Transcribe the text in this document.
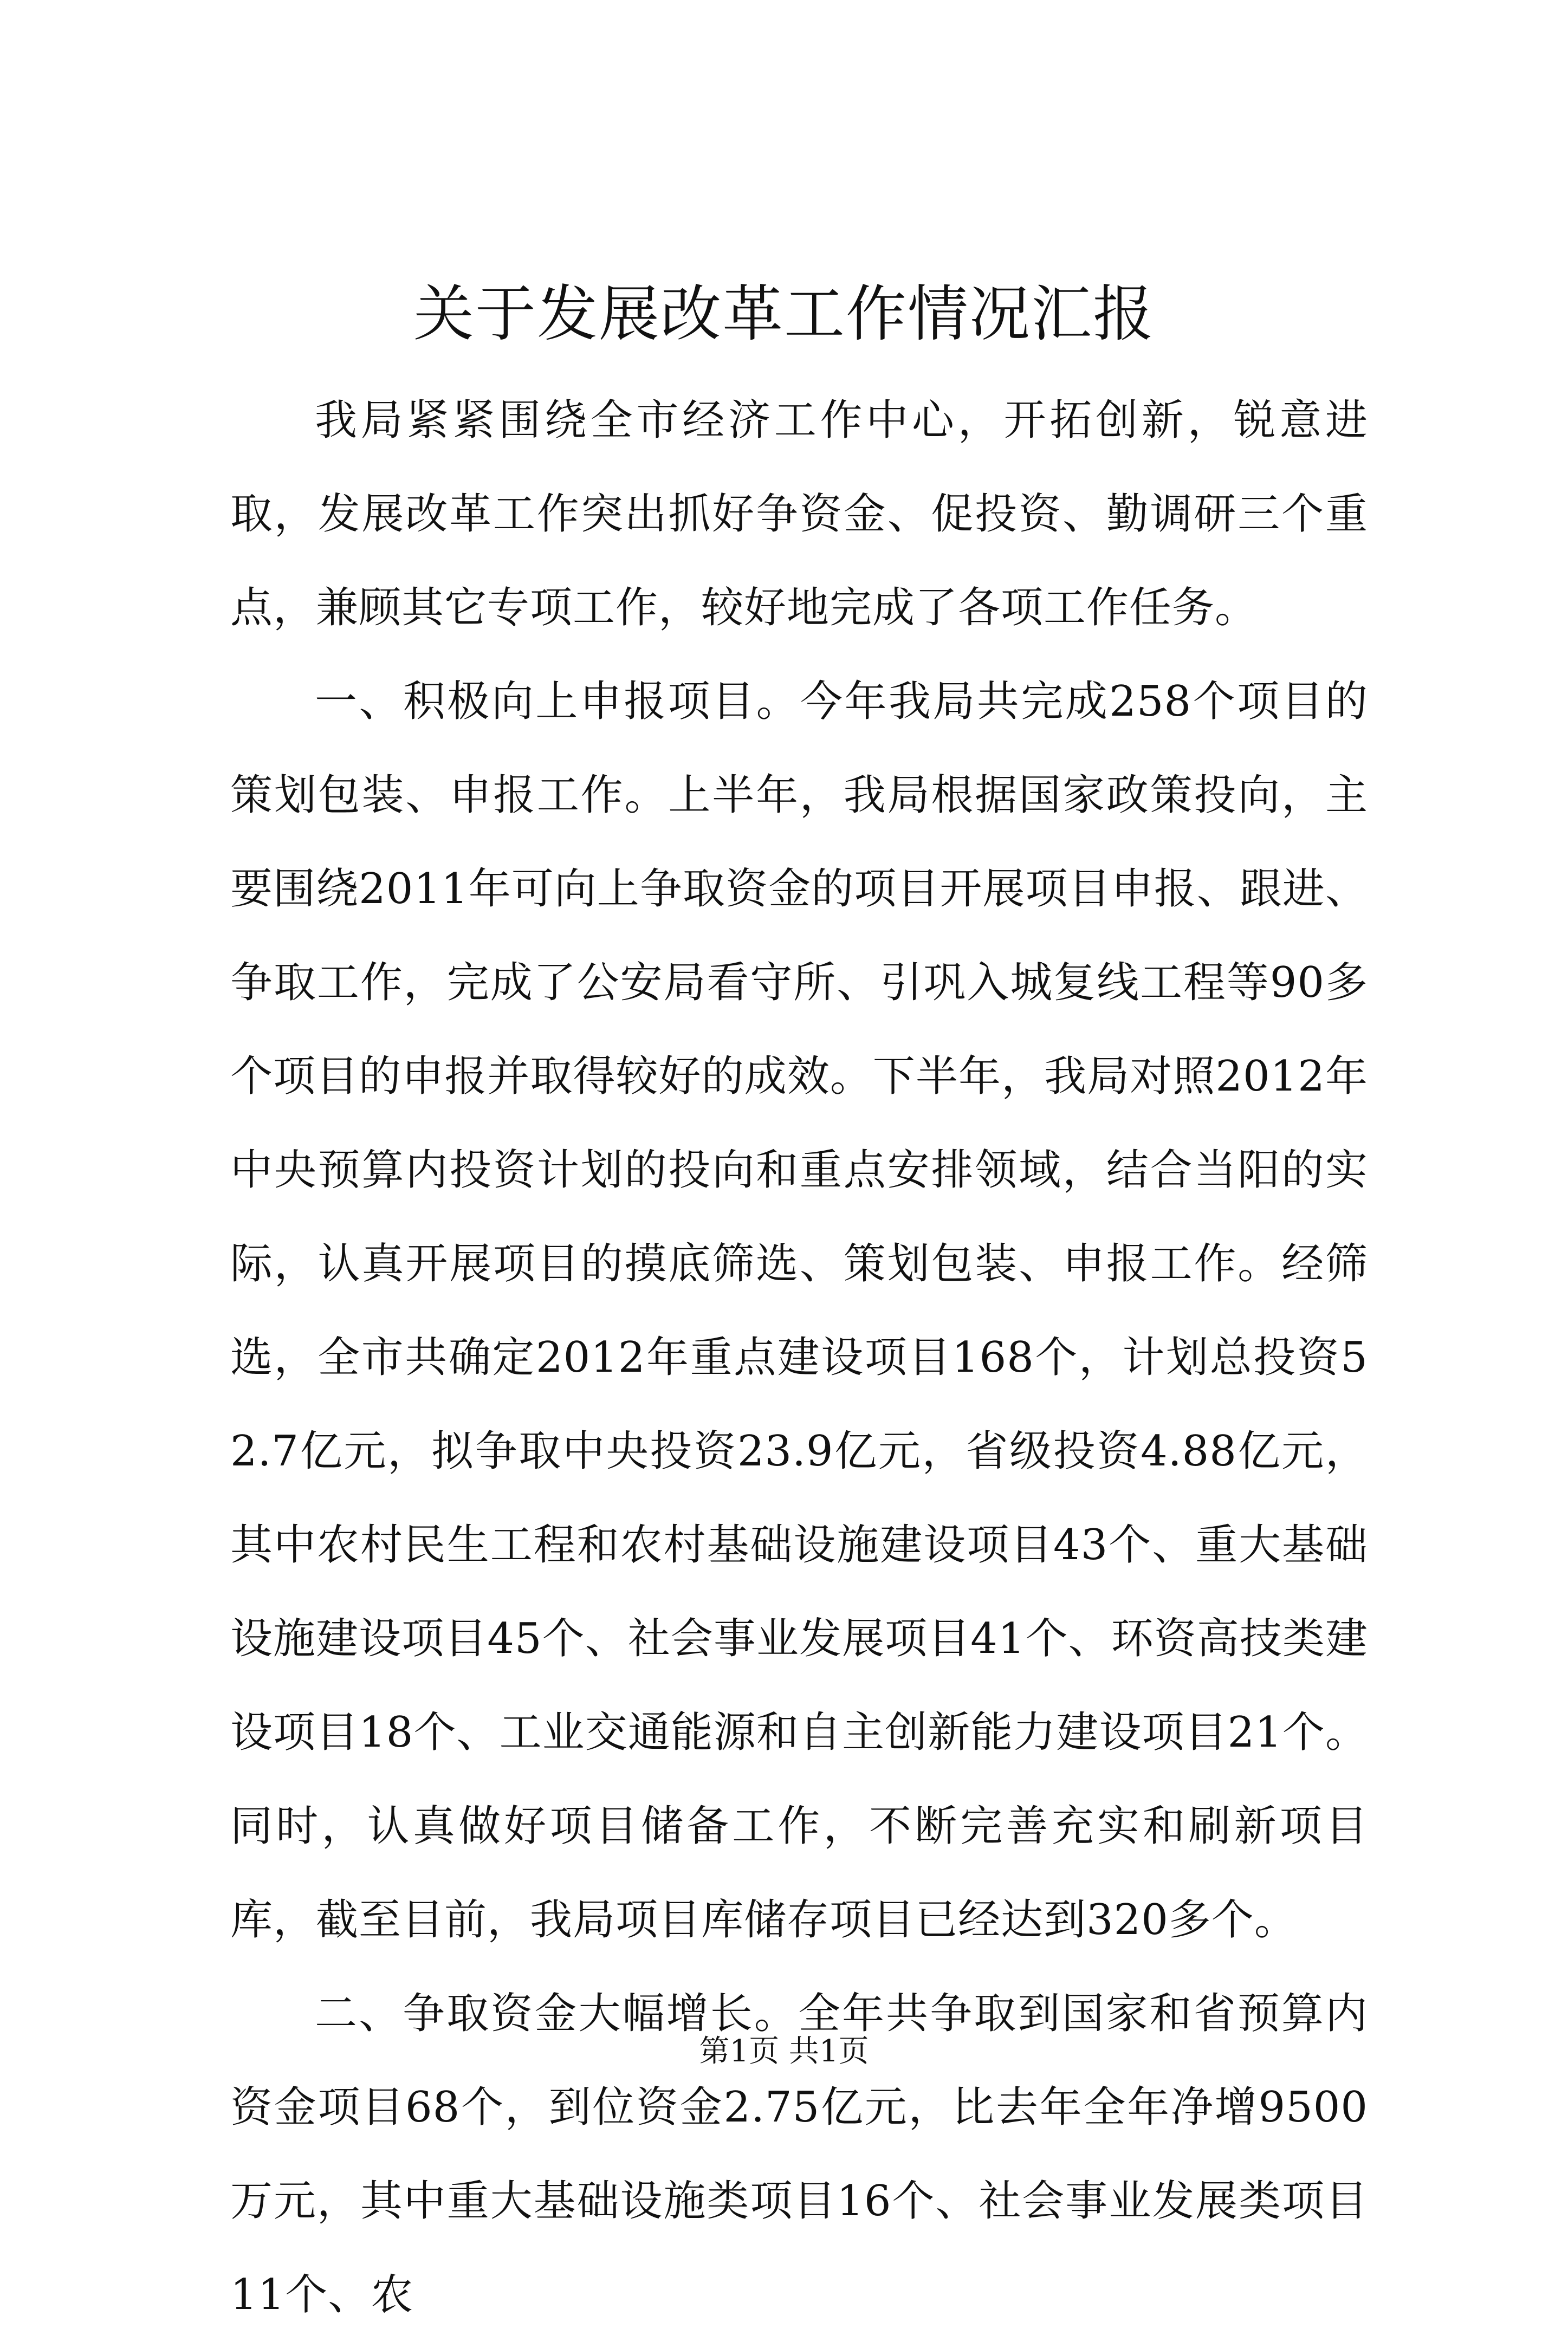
关于发展改革工作情况汇报

我局紧紧围绕全市经济工作中心，开拓创新，锐意进取，发展改革工作突出抓好争资金、促投资、勤调研三个重点，兼顾其它专项工作，较好地完成了各项工作任务。

一、积极向上申报项目。今年我局共完成258个项目的策划包装、申报工作。上半年，我局根据国家政策投向，主要围绕2011年可向上争取资金的项目开展项目申报、跟进、争取工作，完成了公安局看守所、引巩入城复线工程等90多个项目的申报并取得较好的成效。下半年，我局对照2012年中央预算内投资计划的投向和重点安排领域，结合当阳的实际，认真开展项目的摸底筛选、策划包装、申报工作。经筛选，全市共确定2012年重点建设项目168个，计划总投资52.7亿元，拟争取中央投资23.9亿元，省级投资4.88亿元，其中农村民生工程和农村基础设施建设项目43个、重大基础设施建设项目45个、社会事业发展项目41个、环资高技类建设项目18个、工业交通能源和自主创新能力建设项目21个。同时，认真做好项目储备工作，不断完善充实和刷新项目库，截至目前，我局项目库储存项目已经达到320多个。

二、争取资金大幅增长。全年共争取到国家和省预算内资金项目68个，到位资金2.75亿元，比去年全年净增9500万元，其中重大基础设施类项目16个、社会事业发展类项目11个、农

第1页 共1页
